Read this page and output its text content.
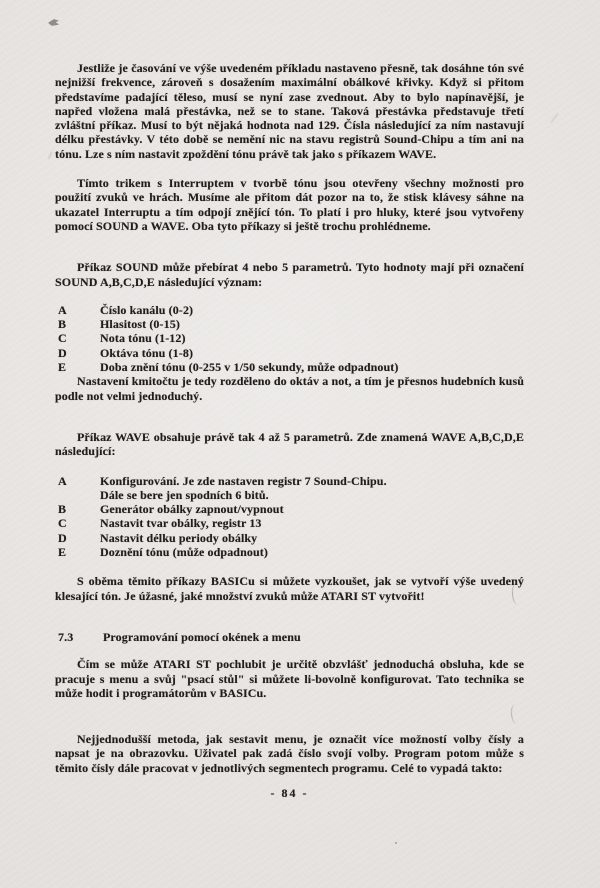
Jestliže je časování ve výše uvedeném příkladu nastaveno přesně, tak dosáhne tón své nejnižší frekvence, zároveň s dosažením maximální obálkové křivky. Když si přitom představíme padající těleso, musí se nyní zase zvednout. Aby to bylo napínavější, je napřed vložena malá přestávka, než se to stane. Taková přestávka představuje třetí zvláštní příkaz. Musí to být nějaká hodnota nad 129. Čísla následující za ním nastavují délku přestávky. V této době se nemění nic na stavu registrů Sound-Chipu a tím ani na tónu. Lze s ním nastavit zpoždění tónu právě tak jako s příkazem WAVE.

Tímto trikem s Interruptem v tvorbě tónu jsou otevřeny všechny možnosti pro použití zvuků ve hrách. Musíme ale přitom dát pozor na to, že stisk klávesy sáhne na ukazatel Interruptu a tím odpojí znějící tón. To platí i pro hluky, které jsou vytvořeny pomocí SOUND a WAVE. Oba tyto příkazy si ještě trochu prohlédneme.

Příkaz SOUND může přebírat 4 nebo 5 parametrů. Tyto hodnoty mají při označení SOUND A,B,C,D,E následující význam:

A	Číslo kanálu (0-2)
B	Hlasitost (0-15)
C	Nota tónu (1-12)
D	Oktáva tónu (1-8)
E	Doba znění tónu (0-255 v 1/50 sekundy, může odpadnout)

Nastavení kmitočtu je tedy rozděleno do oktáv a not, a tím je přesnos hudebních kusů podle not velmi jednoduchý.

Příkaz WAVE obsahuje právě tak 4 až 5 parametrů. Zde znamená WAVE A,B,C,D,E následující:

A	Konfigurování. Je zde nastaven registr 7 Sound-Chipu.
Dále se bere jen spodních 6 bitů.
B	Generátor obálky zapnout/vypnout
C	Nastavit tvar obálky, registr 13
D	Nastavit délku periody obálky
E	Doznění tónu (může odpadnout)

S oběma těmito příkazy BASICu si můžete vyzkoušet, jak se vytvoří výše uvedený klesající tón. Je úžasné, jaké množství zvuků může ATARI ST vytvořit!

7.3	Programování pomocí okének a menu

Čím se může ATARI ST pochlubit je určitě obzvlášť jednoduchá obsluha, kde se pracuje s menu a svůj "psací stůl" si můžete li-bovolně konfigurovat. Tato technika se může hodit i programátorům v BASICu.

Nejjednodušší metoda, jak sestavit menu, je označit více možností volby čísly a napsat je na obrazovku. Uživatel pak zadá číslo svojí volby. Program potom může s těmito čísly dále pracovat v jednotlivých segmentech programu. Celé to vypadá takto:

- 84 -
